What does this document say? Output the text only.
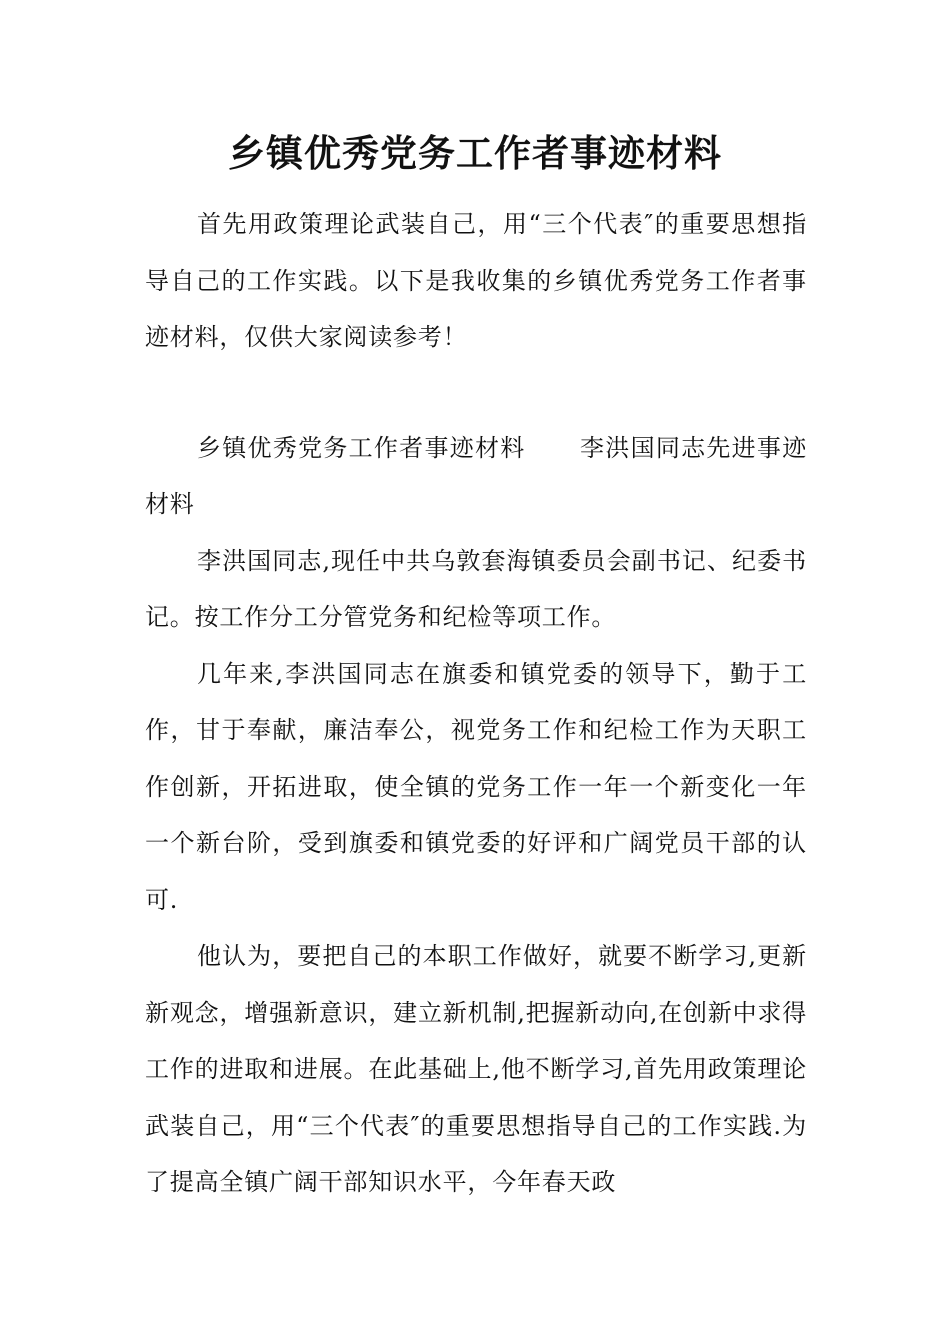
乡镇优秀党务工作者事迹材料

首先用政策理论武装自己，用“三个代表″的重要思想指导自己的工作实践。以下是我收集的乡镇优秀党务工作者事迹材料，仅供大家阅读参考！

乡镇优秀党务工作者事迹材料 李洪国同志先进事迹材料

李洪国同志,现任中共乌敦套海镇委员会副书记、纪委书记。按工作分工分管党务和纪检等项工作。

几年来,李洪国同志在旗委和镇党委的领导下，勤于工作，甘于奉献，廉洁奉公，视党务工作和纪检工作为天职工作创新，开拓进取，使全镇的党务工作一年一个新变化一年一个新台阶，受到旗委和镇党委的好评和广阔党员干部的认可.

他认为，要把自己的本职工作做好，就要不断学习,更新新观念，增强新意识，建立新机制,把握新动向,在创新中求得工作的进取和进展。在此基础上,他不断学习,首先用政策理论武装自己，用“三个代表″的重要思想指导自己的工作实践.为了提高全镇广阔干部知识水平，今年春天政
